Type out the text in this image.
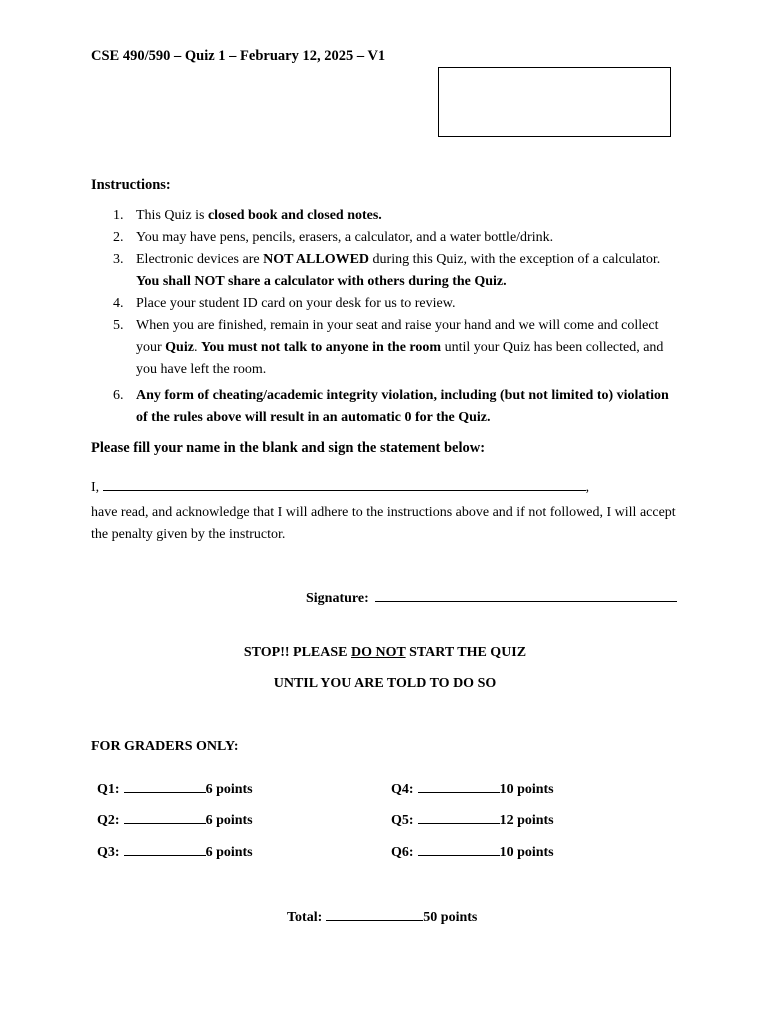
CSE 490/590 – Quiz 1 – February 12, 2025 – V1
Instructions:
1. This Quiz is closed book and closed notes.
2. You may have pens, pencils, erasers, a calculator, and a water bottle/drink.
3. Electronic devices are NOT ALLOWED during this Quiz, with the exception of a calculator. You shall NOT share a calculator with others during the Quiz.
4. Place your student ID card on your desk for us to review.
5. When you are finished, remain in your seat and raise your hand and we will come and collect your Quiz. You must not talk to anyone in the room until your Quiz has been collected, and you have left the room.
6. Any form of cheating/academic integrity violation, including (but not limited to) violation of the rules above will result in an automatic 0 for the Quiz.
Please fill your name in the blank and sign the statement below:
I,	,
have read, and acknowledge that I will adhere to the instructions above and if not followed, I will accept the penalty given by the instructor.
Signature:
STOP!! PLEASE DO NOT START THE QUIZ
UNTIL YOU ARE TOLD TO DO SO
FOR GRADERS ONLY:
Q1:	6 points
Q2:	6 points
Q3:	6 points
Q4:	10 points
Q5:	12 points
Q6:	10 points
Total:	50 points
